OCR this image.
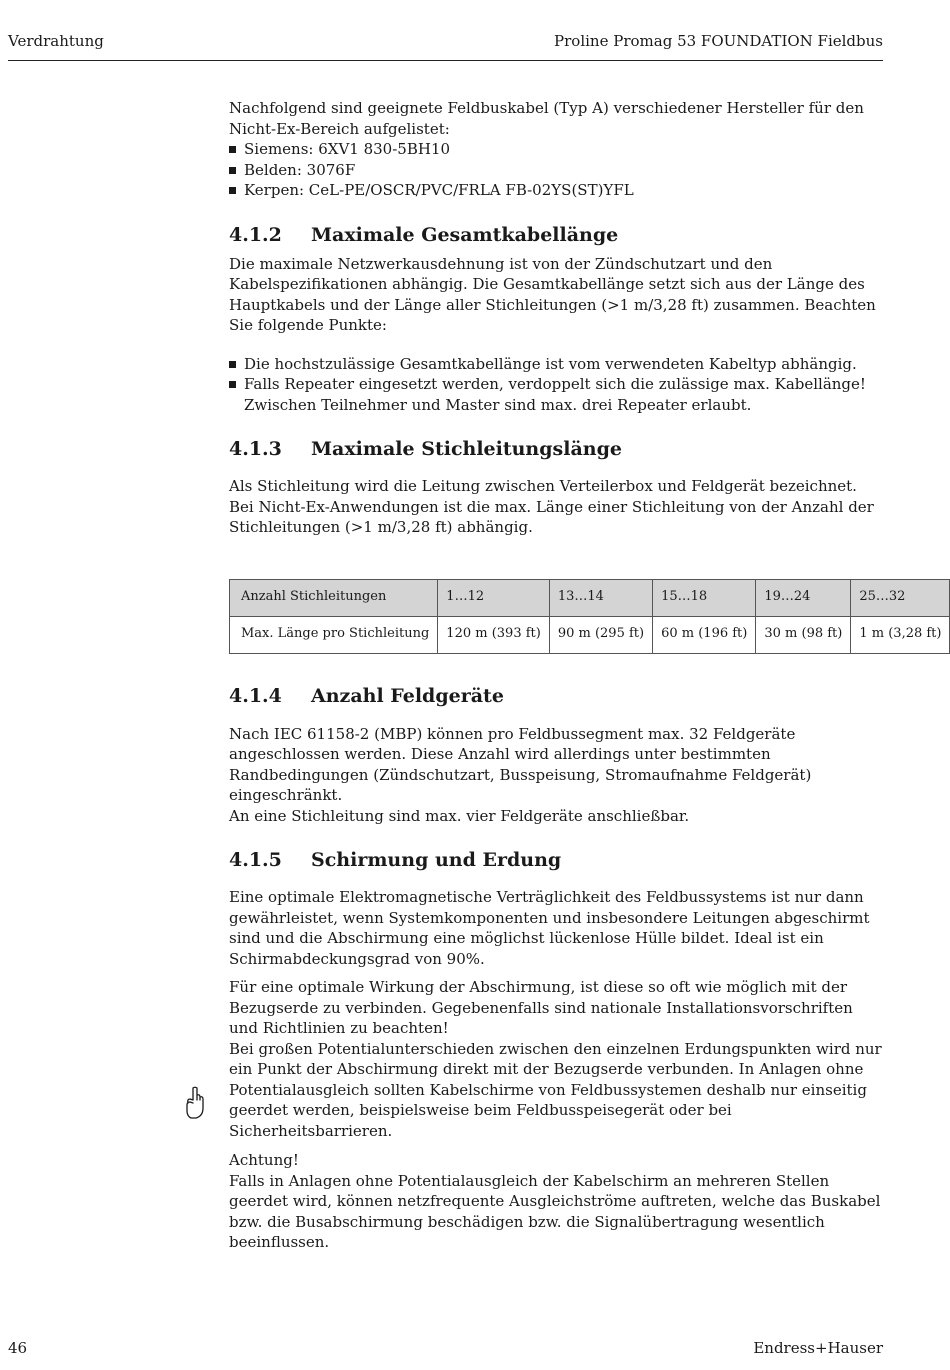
Verdrahtung	Proline Promag 53 FOUNDATION Fieldbus

Nachfolgend sind geeignete Feldbuskabel (Typ A) verschiedener Hersteller für den Nicht-Ex-Bereich aufgelistet:

Siemens: 6XV1 830-5BH10
Belden: 3076F
Kerpen: CeL-PE/OSCR/PVC/FRLA FB-02YS(ST)YFL
4.1.2 Maximale Gesamtkabellänge

Die maximale Netzwerkausdehnung ist von der Zündschutzart und den Kabelspezifikationen abhängig. Die Gesamtkabellänge setzt sich aus der Länge des Hauptkabels und der Länge aller Stichleitungen (>1 m/3,28 ft) zusammen. Beachten Sie folgende Punkte:

Die hochstzulässige Gesamtkabellänge ist vom verwendeten Kabeltyp abhängig.
Falls Repeater eingesetzt werden, verdoppelt sich die zulässige max. Kabellänge! Zwischen Teilnehmer und Master sind max. drei Repeater erlaubt.
4.1.3 Maximale Stichleitungslänge

Als Stichleitung wird die Leitung zwischen Verteilerbox und Feldgerät bezeichnet.

Bei Nicht-Ex-Anwendungen ist die max. Länge einer Stichleitung von der Anzahl der Stichleitungen (>1 m/3,28 ft) abhängig.

Anzahl Stichleitungen	1…12	13…14	15…18	19…24	25…32
Max. Länge pro Stichleitung	120 m (393 ft)	90 m (295 ft)	60 m (196 ft)	30 m (98 ft)	1 m (3,28 ft)
4.1.4 Anzahl Feldgeräte

Nach IEC 61158-2 (MBP) können pro Feldbussegment max. 32 Feldgeräte angeschlossen werden. Diese Anzahl wird allerdings unter bestimmten Randbedingungen (Zündschutzart, Busspeisung, Stromaufnahme Feldgerät) eingeschränkt.

An eine Stichleitung sind max. vier Feldgeräte anschließbar.

4.1.5 Schirmung und Erdung

Eine optimale Elektromagnetische Verträglichkeit des Feldbussystems ist nur dann gewährleistet, wenn Systemkomponenten und insbesondere Leitungen abgeschirmt sind und die Abschirmung eine möglichst lückenlose Hülle bildet. Ideal ist ein Schirmabdeckungsgrad von 90%.

Für eine optimale Wirkung der Abschirmung, ist diese so oft wie möglich mit der Bezugserde zu verbinden. Gegebenenfalls sind nationale Installationsvorschriften und Richtlinien zu beachten!

Bei großen Potentialunterschieden zwischen den einzelnen Erdungspunkten wird nur ein Punkt der Abschirmung direkt mit der Bezugserde verbunden. In Anlagen ohne Potentialausgleich sollten Kabelschirme von Feldbussystemen deshalb nur einseitig geerdet werden, beispielsweise beim Feldbusspeisegerät oder bei Sicherheitsbarrieren.

Achtung!

Falls in Anlagen ohne Potentialausgleich der Kabelschirm an mehreren Stellen geerdet wird, können netzfrequente Ausgleichströme auftreten, welche das Buskabel bzw. die Busabschirmung beschädigen bzw. die Signalübertragung wesentlich beeinflussen.

46	Endress+Hauser
